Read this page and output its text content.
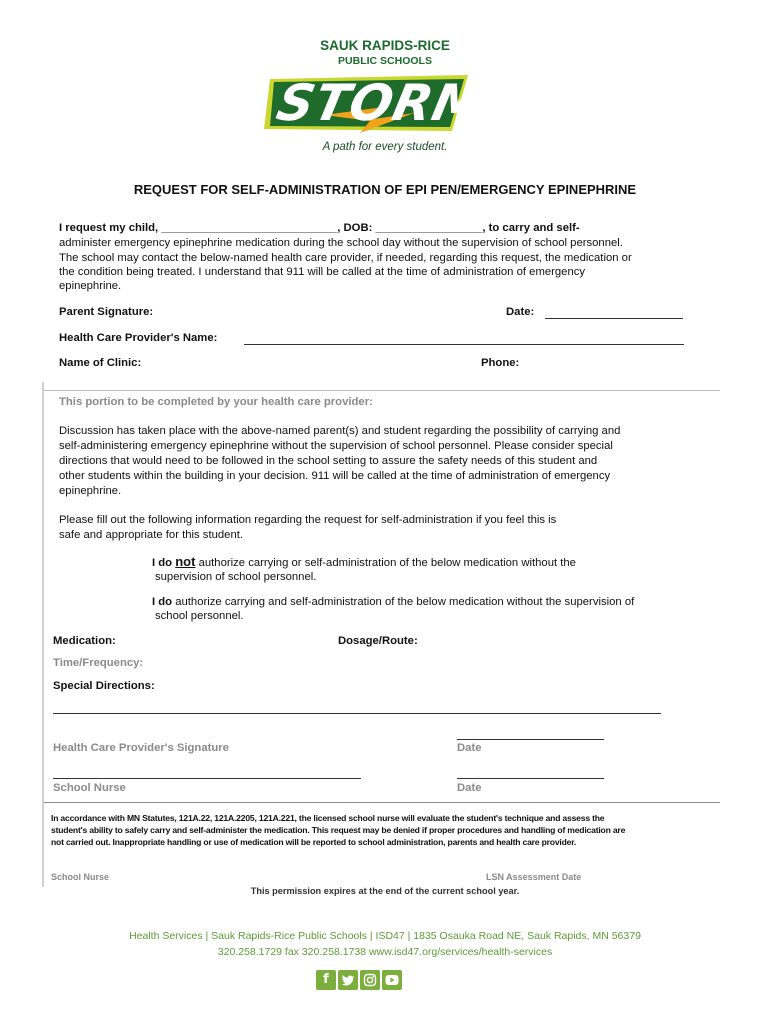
SAUK RAPIDS-RICE
PUBLIC SCHOOLS
STORM
A path for every student.
REQUEST FOR SELF-ADMINISTRATION OF EPI PEN/EMERGENCY EPINEPHRINE
I request my child, ____________________________, DOB: _________________, to carry and self-
administer emergency epinephrine medication during the school day without the supervision of school personnel.
The school may contact the below-named health care provider, if needed, regarding this request, the medication or
the condition being treated. I understand that 911 will be called at the time of administration of emergency
epinephrine.
Parent Signature:	Date:
Health Care Provider's Name:
Name of Clinic:	Phone:
This portion to be completed by your health care provider:
Discussion has taken place with the above-named parent(s) and student regarding the possibility of carrying and
self-administering emergency epinephrine without the supervision of school personnel. Please consider special
directions that would need to be followed in the school setting to assure the safety needs of this student and
other students within the building in your decision. 911 will be called at the time of administration of emergency
epinephrine.
Please fill out the following information regarding the request for self-administration if you feel this is
safe and appropriate for this student.
I do not authorize carrying or self-administration of the below medication without the
supervision of school personnel.
I do authorize carrying and self-administration of the below medication without the supervision of
school personnel.
Medication:	Dosage/Route:
Time/Frequency:
Special Directions:
Health Care Provider's Signature	Date
School Nurse	Date
In accordance with MN Statutes, 121A.22, 121A.2205, 121A.221, the licensed school nurse will evaluate the student's technique and assess the
student's ability to safely carry and self-administer the medication. This request may be denied if proper procedures and handling of medication are
not carried out. Inappropriate handling or use of medication will be reported to school administration, parents and health care provider.
School Nurse	LSN Assessment Date
This permission expires at the end of the current school year.
Health Services | Sauk Rapids-Rice Public Schools | ISD47 | 1835 Osauka Road NE, Sauk Rapids, MN 56379
320.258.1729 fax 320.258.1738 www.isd47.org/services/health-services
f
